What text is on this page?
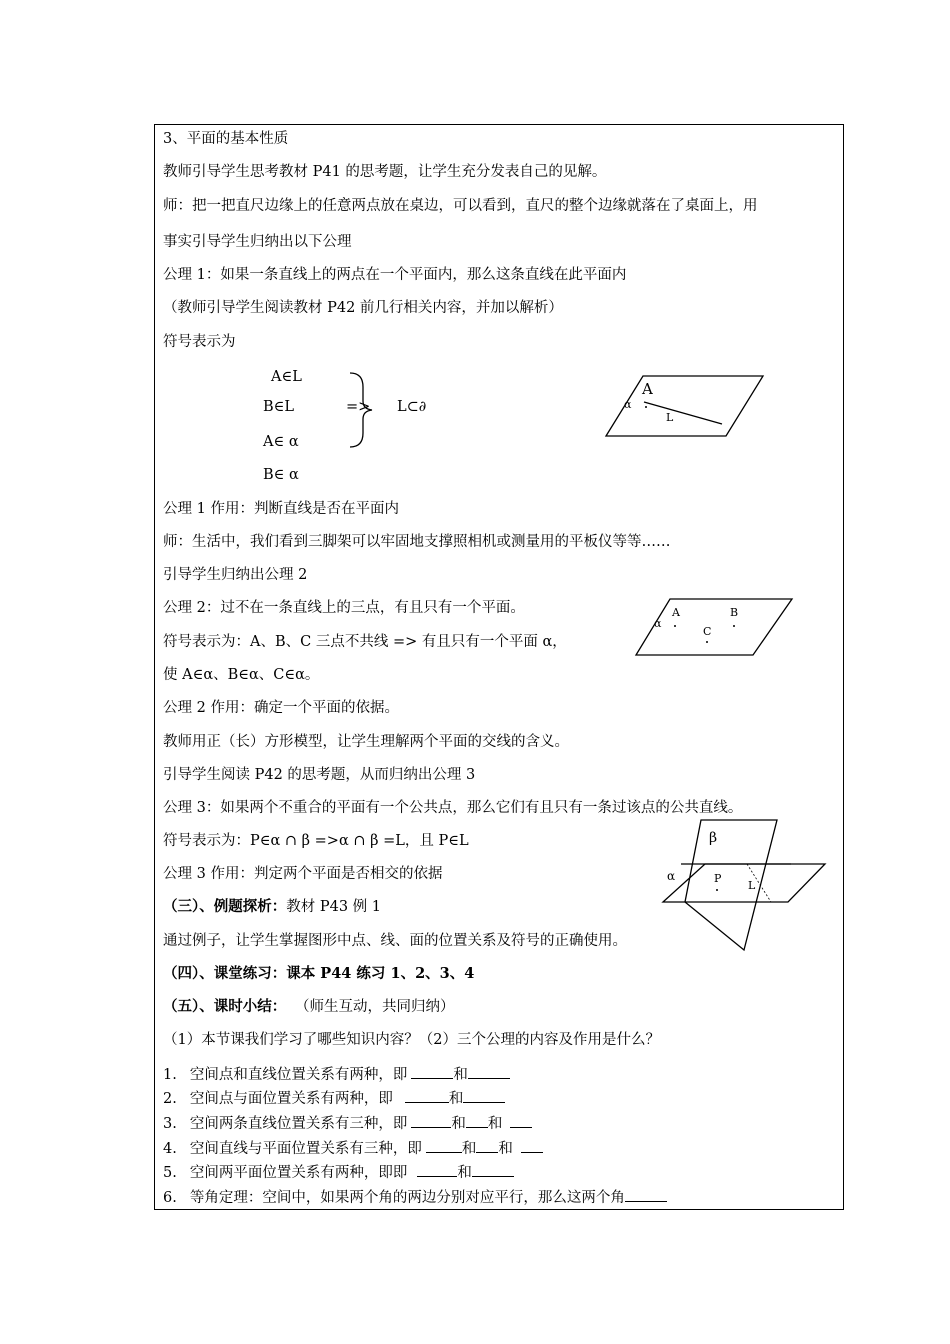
3、平面的基本性质
教师引导学生思考教材 P41 的思考题，让学生充分发表自己的见解。
师：把一把直尺边缘上的任意两点放在桌边，可以看到，直尺的整个边缘就落在了桌面上，用
事实引导学生归纳出以下公理
公理 1：如果一条直线上的两点在一个平面内，那么这条直线在此平面内
（教师引导学生阅读教材 P42 前几行相关内容，并加以解析）
符号表示为
A∈L
B∈L	=> L⊂∂
A∈ α
B∈ α
A
α
L
公理 1 作用：判断直线是否在平面内
师：生活中，我们看到三脚架可以牢固地支撑照相机或测量用的平板仪等等……
引导学生归纳出公理 2
公理 2：过不在一条直线上的三点，有且只有一个平面。
符号表示为：A、B、C 三点不共线 => 有且只有一个平面 α，
使 A∈α、B∈α、C∈α。
A	B
C
α
公理 2 作用：确定一个平面的依据。
教师用正（长）方形模型，让学生理解两个平面的交线的含义。
引导学生阅读 P42 的思考题，从而归纳出公理 3
公理 3：如果两个不重合的平面有一个公共点，那么它们有且只有一条过该点的公共直线。
符号表示为：P∈α ∩ β =>α ∩ β =L，且 P∈L
公理 3 作用：判定两个平面是否相交的依据
β
α	P
L
（三）、例题探析：教材 P43 例 1
通过例子，让学生掌握图形中点、线、面的位置关系及符号的正确使用。
（四）、课堂练习：课本 P44 练习 1、2、3、4
（五）、课时小结： （师生互动，共同归纳）
（1）本节课我们学习了哪些知识内容？（2）三个公理的内容及作用是什么？
1. 空间点和直线位置关系有两种，即	和
2. 空间点与面位置关系有两种，即	和
3. 空间两条直线位置关系有三种，即	和 和
4. 空间直线与平面位置关系有三种，即	和 和
5. 空间两平面位置关系有两种，即即	和
6. 等角定理：空间中，如果两个角的两边分别对应平行，那么这两个角
